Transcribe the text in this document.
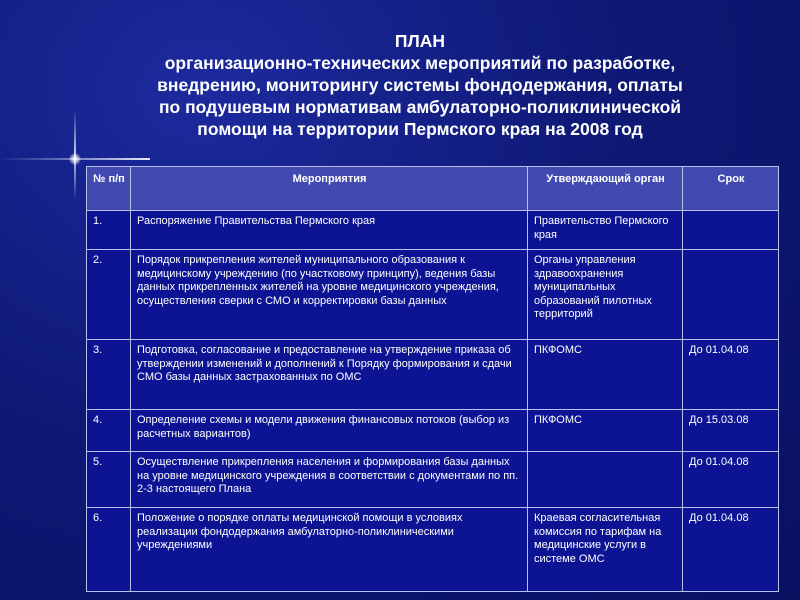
ПЛАН
организационно-технических мероприятий по разработке,
внедрению, мониторингу системы фондодержания, оплаты
по подушевым нормативам амбулаторно-поликлинической
помощи на территории Пермского края на 2008 год
№ п/п	Мероприятия	Утверждающий орган	Срок
1.	Распоряжение Правительства Пермского края	Правительство Пермского края	
2.	Порядок прикрепления жителей муниципального образования к медицинскому учреждению (по участковому принципу), ведения базы данных прикрепленных жителей на уровне медицинского учреждения, осуществления сверки с СМО и корректировки базы данных	Органы управления здравоохранения муниципальных образований пилотных территорий	
3.	Подготовка, согласование и предоставление на утверждение приказа об утверждении изменений и дополнений к Порядку формирования и сдачи СМО базы данных застрахованных по ОМС	ПКФОМС	До 01.04.08
4.	Определение схемы и модели движения финансовых потоков (выбор из расчетных вариантов)	ПКФОМС	До 15.03.08
5.	Осуществление прикрепления населения и формирования базы данных на уровне медицинского учреждения в соответствии с документами по пп. 2-3 настоящего Плана		До 01.04.08
6.	Положение о порядке оплаты медицинской помощи в условиях реализации фондодержания амбулаторно-поликлиническими учреждениями	Краевая согласительная комиссия по тарифам на медицинские услуги в системе ОМС	До 01.04.08
